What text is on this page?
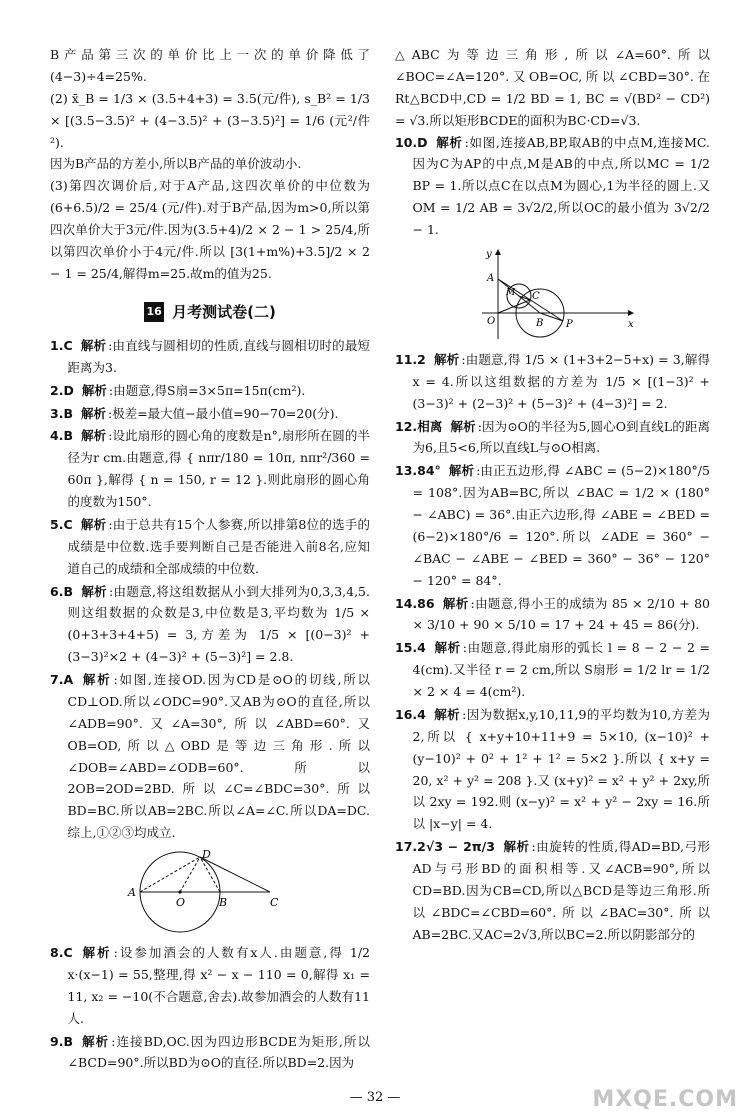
B产品第三次的单价比上一次的单价降低了(4−3)÷4=25%.

(2) x̄_B = 1/3 × (3.5+4+3) = 3.5(元/件), s_B² = 1/3 × [(3.5−3.5)² + (4−3.5)² + (3−3.5)²] = 1/6 (元²/件²).

因为B产品的方差小,所以B产品的单价波动小.

(3)第四次调价后,对于A产品,这四次单价的中位数为(6+6.5)/2 = 25/4 (元/件).对于B产品,因为m>0,所以第四次单价大于3元/件.因为(3.5+4)/2 × 2 − 1 > 25/4,所以第四次单价小于4元/件.所以 [3(1+m%)+3.5]/2 × 2 − 1 = 25/4,解得m=25.故m的值为25.

16 月考测试卷(二)

1.C 解析 :由直线与圆相切的性质,直线与圆相切时的最短距离为3.

2.D 解析 :由题意,得S扇=3×5π=15π(cm²).

3.B 解析 :极差=最大值−最小值=90−70=20(分).

4.B 解析 :设此扇形的圆心角的度数是n°,扇形所在圆的半径为r cm.由题意,得 { nπr/180 = 10π, nπr²/360 = 60π },解得 { n = 150, r = 12 }.则此扇形的圆心角的度数为150°.

5.C 解析 :由于总共有15个人参赛,所以排第8位的选手的成绩是中位数.选手要判断自己是否能进入前8名,应知道自己的成绩和全部成绩的中位数.

6.B 解析 :由题意,将这组数据从小到大排列为0,3,3,4,5.则这组数据的众数是3,中位数是3,平均数为 1/5 × (0+3+3+4+5) = 3,方差为 1/5 × [(0−3)² + (3−3)²×2 + (4−3)² + (5−3)²] = 2.8.

7.A 解析 :如图,连接OD.因为CD是⊙O的切线,所以CD⊥OD.所以∠ODC=90°.又AB为⊙O的直径,所以∠ADB=90°.又∠A=30°,所以∠ABD=60°.又OB=OD,所以△OBD是等边三角形.所以∠DOB=∠ABD=∠ODB=60°.所以2OB=2OD=2BD.所以∠C=∠BDC=30°.所以BD=BC.所以AB=2BC.所以∠A=∠C.所以DA=DC.综上,①②③均成立.

A
O	B	C
D

8.C 解析 :设参加酒会的人数有x人.由题意,得 1/2 x·(x−1) = 55,整理,得 x² − x − 110 = 0,解得 x₁ = 11, x₂ = −10(不合题意,舍去).故参加酒会的人数有11人.

9.B 解析 :连接BD,OC.因为四边形BCDE为矩形,所以∠BCD=90°.所以BD为⊙O的直径.所以BD=2.因为

△ABC为等边三角形,所以∠A=60°.所以∠BOC=∠A=120°.又OB=OC,所以∠CBD=30°.在Rt△BCD中,CD = 1/2 BD = 1, BC = √(BD² − CD²) = √3.所以矩形BCDE的面积为BC·CD=√3.

10.D 解析 :如图,连接AB,BP,取AB的中点M,连接MC.因为C为AP的中点,M是AB的中点,所以MC = 1/2 BP = 1.所以点C在以点M为圆心,1为半径的圆上.又 OM = 1/2 AB = 3√2/2,所以OC的最小值为 3√2/2 − 1.

y
x
O
A
M C
B P

11.2 解析 :由题意,得 1/5 × (1+3+2−5+x) = 3,解得 x = 4.所以这组数据的方差为 1/5 × [(1−3)² + (3−3)² + (2−3)² + (5−3)² + (4−3)²] = 2.

12.相离 解析 :因为⊙O的半径为5,圆心O到直线L的距离为6,且5<6,所以直线L与⊙O相离.

13.84° 解析 :由正五边形,得 ∠ABC = (5−2)×180°/5 = 108°.因为AB=BC,所以 ∠BAC = 1/2 × (180° − ∠ABC) = 36°.由正六边形,得 ∠ABE = ∠BED = (6−2)×180°/6 = 120°.所以 ∠ADE = 360° − ∠BAC − ∠ABE − ∠BED = 360° − 36° − 120° − 120° = 84°.

14.86 解析 :由题意,得小王的成绩为 85 × 2/10 + 80 × 3/10 + 90 × 5/10 = 17 + 24 + 45 = 86(分).

15.4 解析 :由题意,得此扇形的弧长 l = 8 − 2 − 2 = 4(cm).又半径 r = 2 cm,所以 S扇形 = 1/2 lr = 1/2 × 2 × 4 = 4(cm²).

16.4 解析 :因为数据x,y,10,11,9的平均数为10,方差为2,所以 { x+y+10+11+9 = 5×10, (x−10)² + (y−10)² + 0² + 1² + 1² = 5×2 }.所以 { x+y = 20, x² + y² = 208 }.又 (x+y)² = x² + y² + 2xy,所以 2xy = 192.则 (x−y)² = x² + y² − 2xy = 16.所以 |x−y| = 4.

17.2√3 − 2π/3 解析 :由旋转的性质,得AD=BD,弓形AD与弓形BD的面积相等.又∠ACB=90°,所以CD=BD.因为CB=CD,所以△BCD是等边三角形.所以∠BDC=∠CBD=60°.所以∠BAC=30°.所以AB=2BC.又AC=2√3,所以BC=2.所以阴影部分的

— 32 —	MXQE.COM
